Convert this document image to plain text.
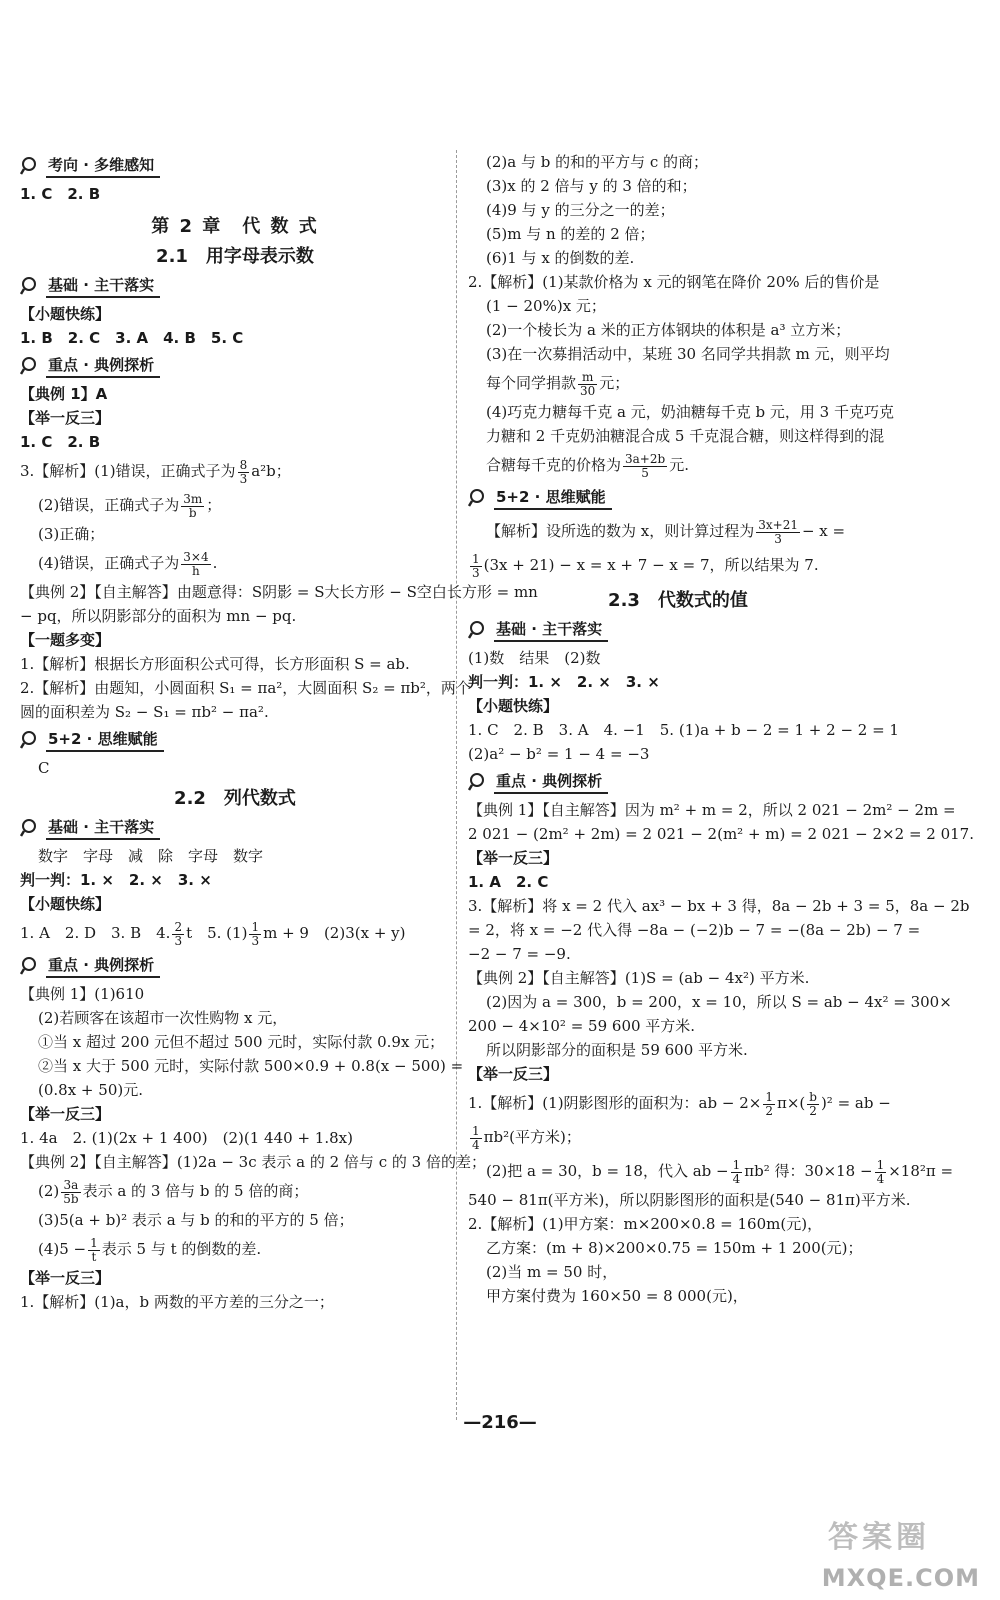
考向 · 多维感知
1. C　2. B
第 2 章　代 数 式
2.1　用字母表示数
基础 · 主干落实
【小题快练】
1. B　2. C　3. A　4. B　5. C
重点 · 典例探析
【典例 1】A
【举一反三】
1. C　2. B
3.【解析】(1)错误，正确式子为 $\frac{8}{3} a^2b$；
(2)错误，正确式子为 $\frac{3m}{b}$ ；
(3)正确；
(4)错误，正确式子为 $\frac{3\times 4}{h}$ .
【典例 2】【自主解答】由题意得：S阴影 = S大长方形 − S空白长方形 = mn
− pq，所以阴影部分的面积为 mn − pq.
【一题多变】
1.【解析】根据长方形面积公式可得，长方形面积 S = ab.
2.【解析】由题知，小圆面积 S₁ = πa²，大圆面积 S₂ = πb²，两个
圆的面积差为 S₂ − S₁ = πb² − πa².
5+2 · 思维赋能
C
2.2　列代数式
基础 · 主干落实
数字　字母　减　除　字母　数字
判一判：1. ×　2. ×　3. ×
【小题快练】
1. A　2. D　3. B　4. $\frac{2}{3}$ t　5. $(1) \frac{1}{3}$ m + 9　(2)3(x + y)
重点 · 典例探析
【典例 1】(1)610
(2)若顾客在该超市一次性购物 x 元，
①当 x 超过 200 元但不超过 500 元时，实际付款 0.9x 元；
②当 x 大于 500 元时，实际付款 500×0.9 + 0.8(x − 500) =
(0.8x + 50)元.
【举一反三】
1. 4a　2. (1)(2x + 1 400)　(2)(1 440 + 1.8x)
【典例 2】【自主解答】(1)2a − 3c 表示 a 的 2 倍与 c 的 3 倍的差；
$(2) \frac{3a}{5b}$ 表示 a 的 3 倍与 b 的 5 倍的商；
(3)5(a + b)² 表示 a 与 b 的和的平方的 5 倍；
$(4)5 - \frac{1}{t}$ 表示 5 与 t 的倒数的差.
【举一反三】
1.【解析】(1)a，b 两数的平方差的三分之一；
(2)a 与 b 的和的平方与 c 的商；
(3)x 的 2 倍与 y 的 3 倍的和；
(4)9 与 y 的三分之一的差；
(5)m 与 n 的差的 2 倍；
(6)1 与 x 的倒数的差.
2.【解析】(1)某款价格为 x 元的钢笔在降价 20% 后的售价是
(1 − 20%)x 元；
(2)一个棱长为 a 米的正方体钢块的体积是 a³ 立方米；
(3)在一次募捐活动中，某班 30 名同学共捐款 m 元，则平均
每个同学捐款 $\frac{m}{30}$ 元；
(4)巧克力糖每千克 a 元，奶油糖每千克 b 元，用 3 千克巧克
力糖和 2 千克奶油糖混合成 5 千克混合糖，则这样得到的混
合糖每千克的价格为 $\frac{3a+2b}{5}$ 元.
5+2 · 思维赋能
【解析】设所选的数为 x，则计算过程为 $\frac{3x+21}{3} - x$ =
$\frac{1}{3} (3x + 21) - x = x + 7 - x = 7$，所以结果为 7.
2.3　代数式的值
基础 · 主干落实
(1)数　结果　(2)数
判一判：1. ×　2. ×　3. ×
【小题快练】
1. C　2. B　3. A　4. −1　5. (1)a + b − 2 = 1 + 2 − 2 = 1
(2)a² − b² = 1 − 4 = −3
重点 · 典例探析
【典例 1】【自主解答】因为 m² + m = 2，所以 2 021 − 2m² − 2m =
2 021 − (2m² + 2m) = 2 021 − 2(m² + m) = 2 021 − 2×2 = 2 017.
【举一反三】
1. A　2. C
3.【解析】将 x = 2 代入 ax³ − bx + 3 得，8a − 2b + 3 = 5，8a − 2b
= 2，将 x = −2 代入得 −8a − (−2)b − 7 = −(8a − 2b) − 7 =
−2 − 7 = −9.
【典例 2】【自主解答】(1)S = (ab − 4x²) 平方米.
(2)因为 a = 300，b = 200，x = 10，所以 S = ab − 4x² = 300×
200 − 4×10² = 59 600 平方米.
所以阴影部分的面积是 59 600 平方米.
【举一反三】
1.【解析】(1)阴影图形的面积为：ab − $2\times \frac{1}{2} \pi\times( \frac{b}{2} )^2$ = ab −
$\frac{1}{4} \pi b^2$(平方米)；
(2)把 a = 30，b = 18，代入 ab − $\frac{1}{4} \pi b^2$ 得：$30\times 18 - \frac{1}{4} \times 18^2\pi$ =
540 − 81π(平方米)，所以阴影图形的面积是(540 − 81π)平方米.
2.【解析】(1)甲方案：m×200×0.8 = 160m(元)，
乙方案：(m + 8)×200×0.75 = 150m + 1 200(元)；
(2)当 m = 50 时，
甲方案付费为 160×50 = 8 000(元)，
—216—
答案圈
MXQE.COM
